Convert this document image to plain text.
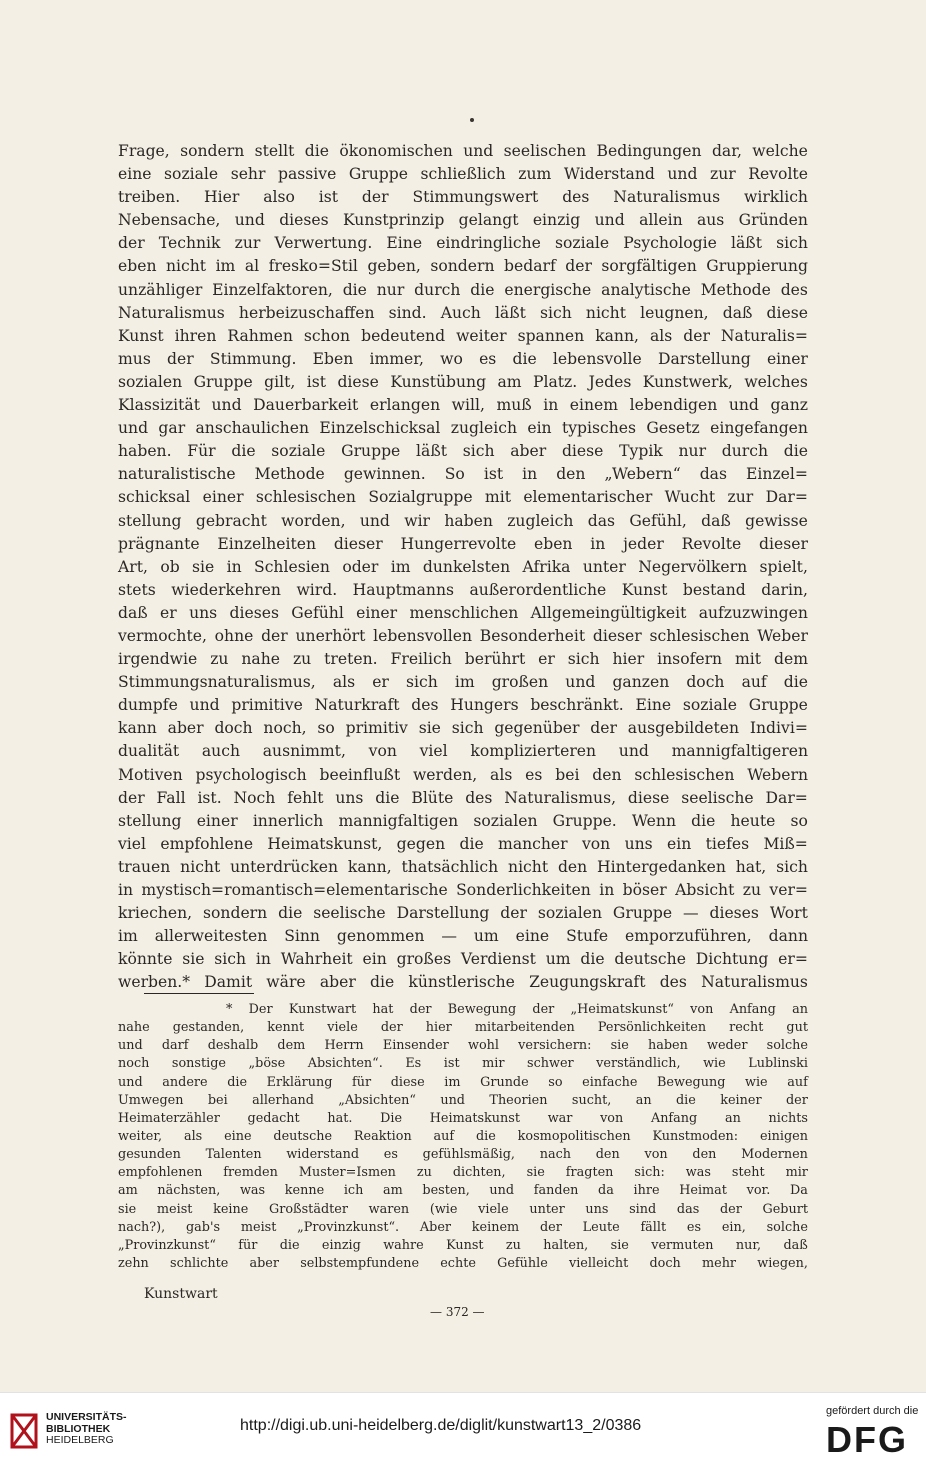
Frage, sondern stellt die ökonomischen und seelischen Bedingungen dar, welche
eine soziale sehr passive Gruppe schließlich zum Widerstand und zur Revolte
treiben. Hier also ist der Stimmungswert des Naturalismus wirklich
Nebensache, und dieses Kunstprinzip gelangt einzig und allein aus Gründen
der Technik zur Verwertung. Eine eindringliche soziale Psychologie läßt sich
eben nicht im al fresko=Stil geben, sondern bedarf der sorgfältigen Gruppierung
unzähliger Einzelfaktoren, die nur durch die energische analytische Methode des
Naturalismus herbeizuschaffen sind. Auch läßt sich nicht leugnen, daß diese
Kunst ihren Rahmen schon bedeutend weiter spannen kann, als der Naturalis=
mus der Stimmung. Eben immer, wo es die lebensvolle Darstellung einer
sozialen Gruppe gilt, ist diese Kunstübung am Platz. Jedes Kunstwerk, welches
Klassizität und Dauerbarkeit erlangen will, muß in einem lebendigen und ganz
und gar anschaulichen Einzelschicksal zugleich ein typisches Gesetz eingefangen
haben. Für die soziale Gruppe läßt sich aber diese Typik nur durch die
naturalistische Methode gewinnen. So ist in den „Webern“ das Einzel=
schicksal einer schlesischen Sozialgruppe mit elementarischer Wucht zur Dar=
stellung gebracht worden, und wir haben zugleich das Gefühl, daß gewisse
prägnante Einzelheiten dieser Hungerrevolte eben in jeder Revolte dieser
Art, ob sie in Schlesien oder im dunkelsten Afrika unter Negervölkern spielt,
stets wiederkehren wird. Hauptmanns außerordentliche Kunst bestand darin,
daß er uns dieses Gefühl einer menschlichen Allgemeingültigkeit aufzuzwingen
vermochte, ohne der unerhört lebensvollen Besonderheit dieser schlesischen Weber
irgendwie zu nahe zu treten. Freilich berührt er sich hier insofern mit dem
Stimmungsnaturalismus, als er sich im großen und ganzen doch auf die
dumpfe und primitive Naturkraft des Hungers beschränkt. Eine soziale Gruppe
kann aber doch noch, so primitiv sie sich gegenüber der ausgebildeten Indivi=
dualität auch ausnimmt, von viel komplizierteren und mannigfaltigeren
Motiven psychologisch beeinflußt werden, als es bei den schlesischen Webern
der Fall ist. Noch fehlt uns die Blüte des Naturalismus, diese seelische Dar=
stellung einer innerlich mannigfaltigen sozialen Gruppe. Wenn die heute so
viel empfohlene Heimatskunst, gegen die mancher von uns ein tiefes Miß=
trauen nicht unterdrücken kann, thatsächlich nicht den Hintergedanken hat, sich
in mystisch=romantisch=elementarische Sonderlichkeiten in böser Absicht zu ver=
kriechen, sondern die seelische Darstellung der sozialen Gruppe — dieses Wort
im allerweitesten Sinn genommen — um eine Stufe emporzuführen, dann
könnte sie sich in Wahrheit ein großes Verdienst um die deutsche Dichtung er=
werben.* Damit wäre aber die künstlerische Zeugungskraft des Naturalismus
* Der Kunstwart hat der Bewegung der „Heimatskunst“ von Anfang an
nahe gestanden, kennt viele der hier mitarbeitenden Persönlichkeiten recht gut
und darf deshalb dem Herrn Einsender wohl versichern: sie haben weder solche
noch sonstige „böse Absichten“. Es ist mir schwer verständlich, wie Lublinski
und andere die Erklärung für diese im Grunde so einfache Bewegung wie auf
Umwegen bei allerhand „Absichten“ und Theorien sucht, an die keiner der
Heimaterzähler gedacht hat. Die Heimatskunst war von Anfang an nichts
weiter, als eine deutsche Reaktion auf die kosmopolitischen Kunstmoden: einigen
gesunden Talenten widerstand es gefühlsmäßig, nach den von den Modernen
empfohlenen fremden Muster=Ismen zu dichten, sie fragten sich: was steht mir
am nächsten, was kenne ich am besten, und fanden da ihre Heimat vor. Da
sie meist keine Großstädter waren (wie viele unter uns sind das der Geburt
nach?), gab's meist „Provinzkunst“. Aber keinem der Leute fällt es ein, solche
„Provinzkunst“ für die einzig wahre Kunst zu halten, sie vermuten nur, daß
zehn schlichte aber selbstempfundene echte Gefühle vielleicht doch mehr wiegen,
Kunstwart
— 372 —
UNIVERSITÄTS-
BIBLIOTHEK
HEIDELBERG
http://digi.ub.uni-heidelberg.de/diglit/kunstwart13_2/0386
gefördert durch die
DFG
